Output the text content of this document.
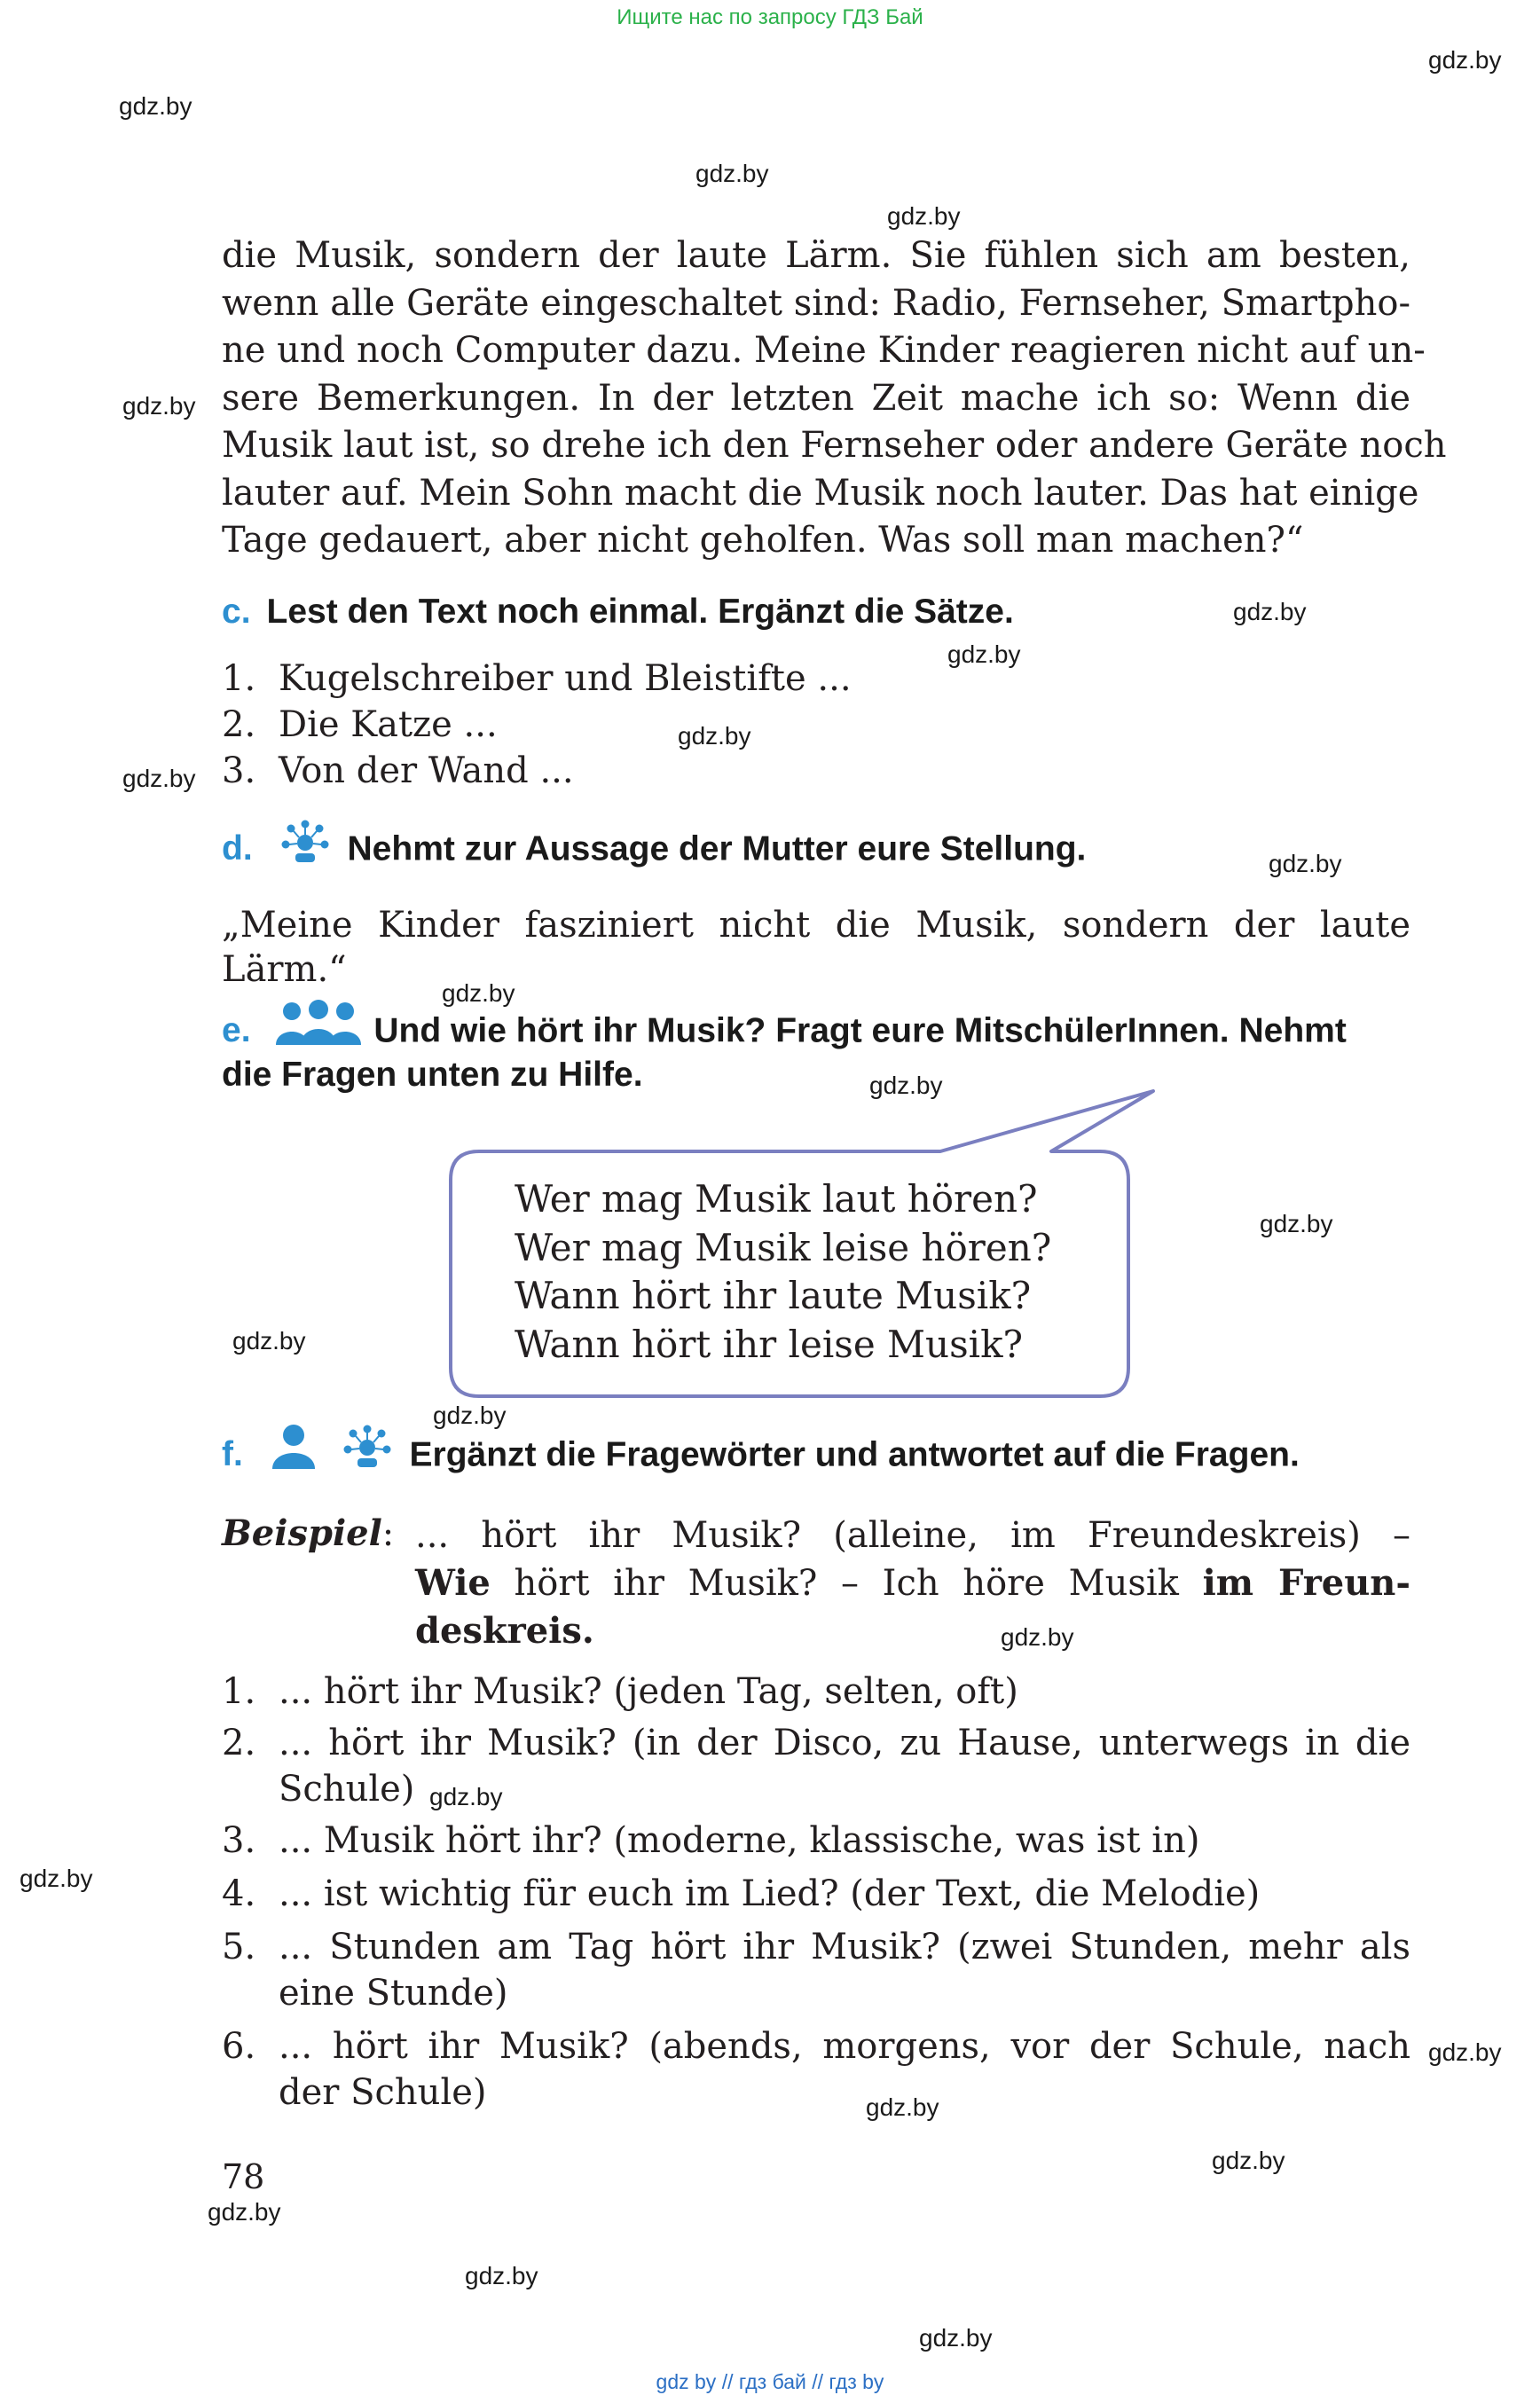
Ищите нас по запросу ГДЗ Бай
gdz.by
gdz.by
gdz.by
gdz.by
gdz.by
gdz.by
gdz.by
gdz.by
gdz.by
gdz.by
gdz.by
gdz.by
gdz.by
gdz.by
gdz.by
gdz.by
gdz.by
gdz.by
gdz.by
gdz.by
gdz.by
gdz.by
gdz.by
gdz.by
die Musik, sondern der laute Lärm. Sie fühlen sich am besten,
wenn alle Geräte eingeschaltet sind: Radio, Fernseher, Smartpho-
ne und noch Computer dazu. Meine Kinder reagieren nicht auf un-
sere Bemerkungen. In der letzten Zeit mache ich so: Wenn die
Musik laut ist, so drehe ich den Fernseher oder andere Geräte noch
lauter auf. Mein Sohn macht die Musik noch lauter. Das hat einige
Tage gedauert, aber nicht geholfen. Was soll man machen?“
c. Lest den Text noch einmal. Ergänzt die Sätze.
1. Kugelschreiber und Bleistifte ...
2. Die Katze ...
3. Von der Wand ...
d.	Nehmt zur Aussage der Mutter eure Stellung.
„Meine Kinder fasziniert nicht die Musik, sondern der laute
Lärm.“
e.	Und wie hört ihr Musik? Fragt eure MitschülerInnen. Nehmt
die Fragen unten zu Hilfe.
Wer mag Musik laut hören?
Wer mag Musik leise hören?
Wann hört ihr laute Musik?
Wann hört ihr leise Musik?
f.	Ergänzt die Fragewörter und antwortet auf die Fragen.
Beispiel: ... hört ihr Musik? (alleine, im Freundeskreis) –
Wie hört ihr Musik? – Ich höre Musik im Freun-
deskreis.
1. ... hört ihr Musik? (jeden Tag, selten, oft)
2. ... hört ihr Musik? (in der Disco, zu Hause, unterwegs in die
Schule)
3. ... Musik hört ihr? (moderne, klassische, was ist in)
4. ... ist wichtig für euch im Lied? (der Text, die Melodie)
5. ... Stunden am Tag hört ihr Musik? (zwei Stunden, mehr als
eine Stunde)
6. ... hört ihr Musik? (abends, morgens, vor der Schule, nach
der Schule)
78
gdz by // гдз бай // гдз by
